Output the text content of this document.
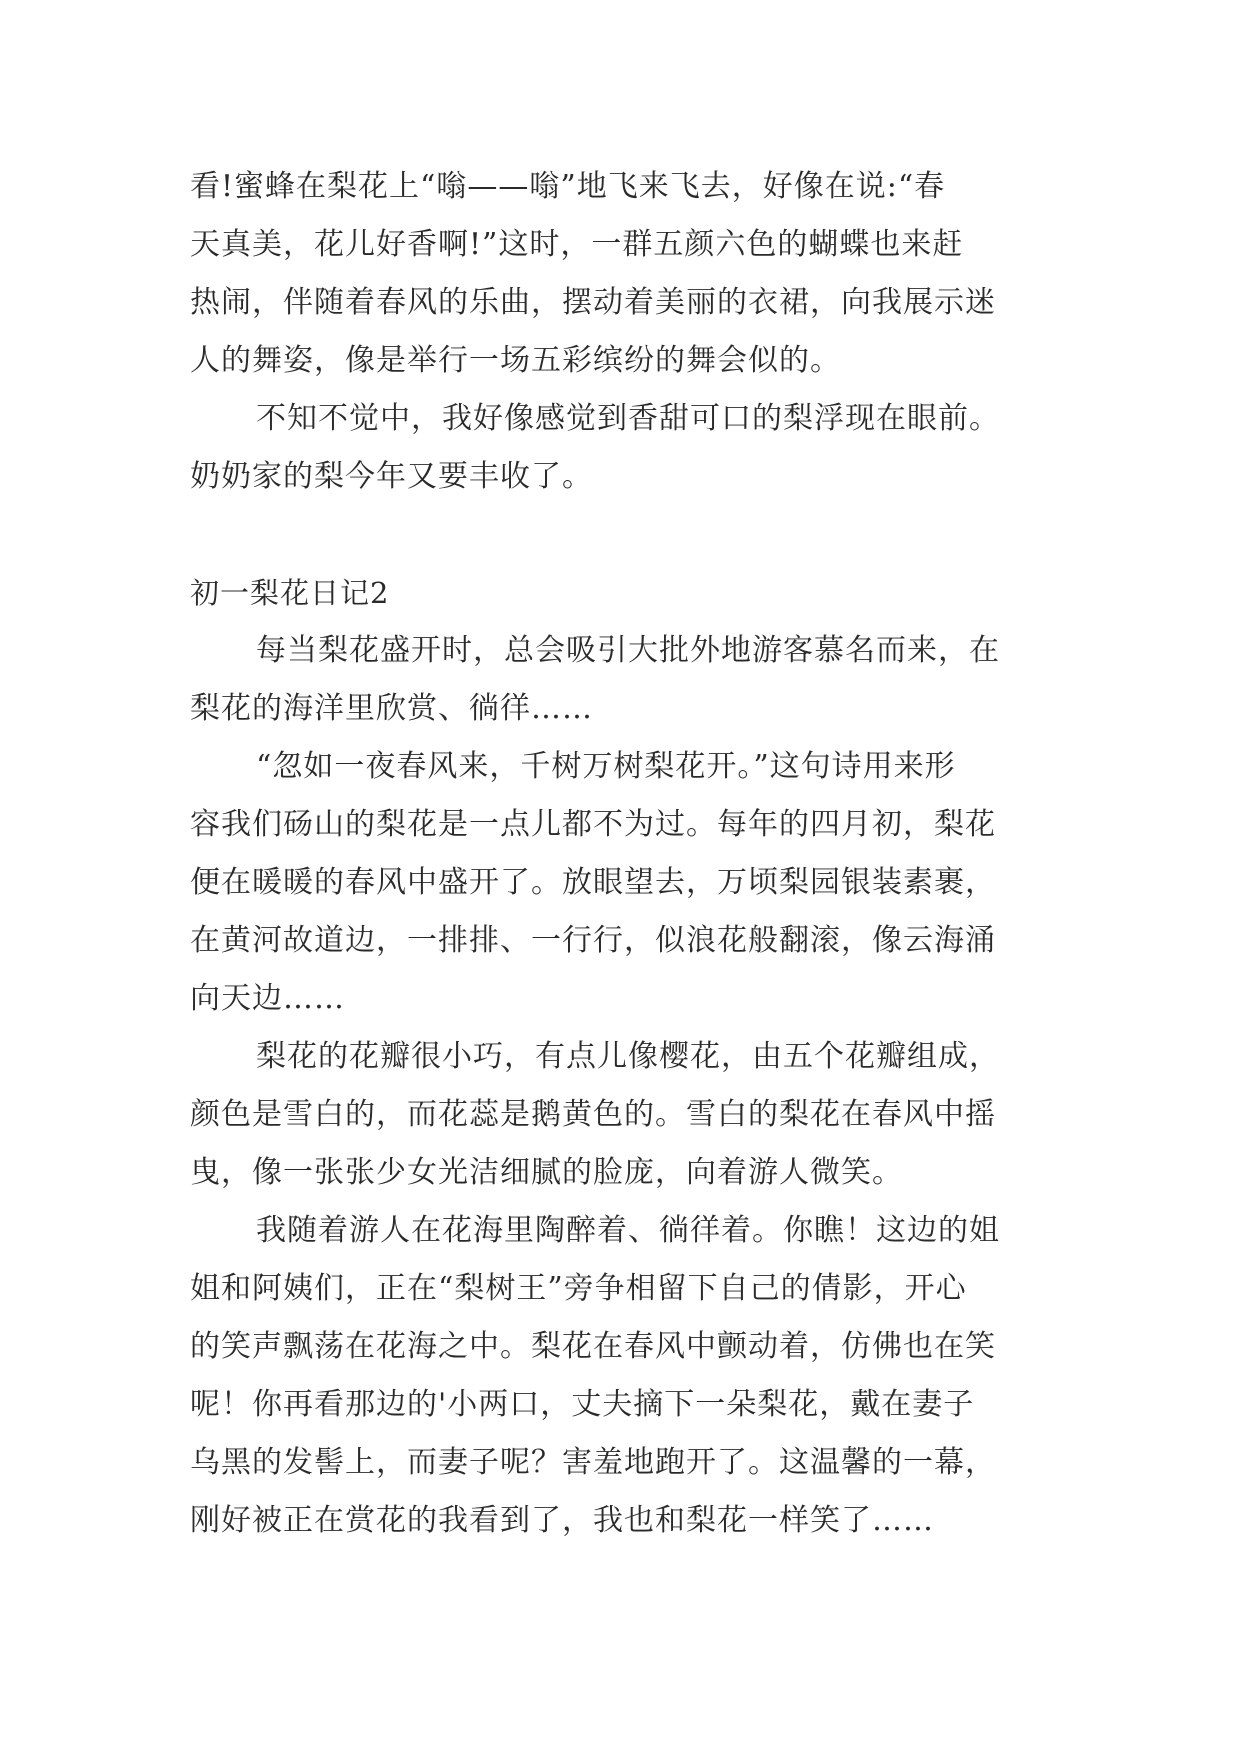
看!蜜蜂在梨花上“嗡——嗡”地飞来飞去，好像在说:“春
天真美，花儿好香啊!”这时，一群五颜六色的蝴蝶也来赶
热闹，伴随着春风的乐曲，摆动着美丽的衣裙，向我展示迷
人的舞姿，像是举行一场五彩缤纷的舞会似的。
不知不觉中，我好像感觉到香甜可口的梨浮现在眼前。
奶奶家的梨今年又要丰收了。
初一梨花日记2
每当梨花盛开时，总会吸引大批外地游客慕名而来，在
梨花的海洋里欣赏、徜徉……
“忽如一夜春风来，千树万树梨花开。”这句诗用来形
容我们砀山的梨花是一点儿都不为过。每年的四月初，梨花
便在暖暖的春风中盛开了。放眼望去，万顷梨园银装素裹，
在黄河故道边，一排排、一行行，似浪花般翻滚，像云海涌
向天边……
梨花的花瓣很小巧，有点儿像樱花，由五个花瓣组成，
颜色是雪白的，而花蕊是鹅黄色的。雪白的梨花在春风中摇
曳，像一张张少女光洁细腻的脸庞，向着游人微笑。
我随着游人在花海里陶醉着、徜徉着。你瞧！这边的姐
姐和阿姨们，正在“梨树王”旁争相留下自己的倩影，开心
的笑声飘荡在花海之中。梨花在春风中颤动着，仿佛也在笑
呢！你再看那边的'小两口，丈夫摘下一朵梨花，戴在妻子
乌黑的发髻上，而妻子呢？害羞地跑开了。这温馨的一幕，
刚好被正在赏花的我看到了，我也和梨花一样笑了……
